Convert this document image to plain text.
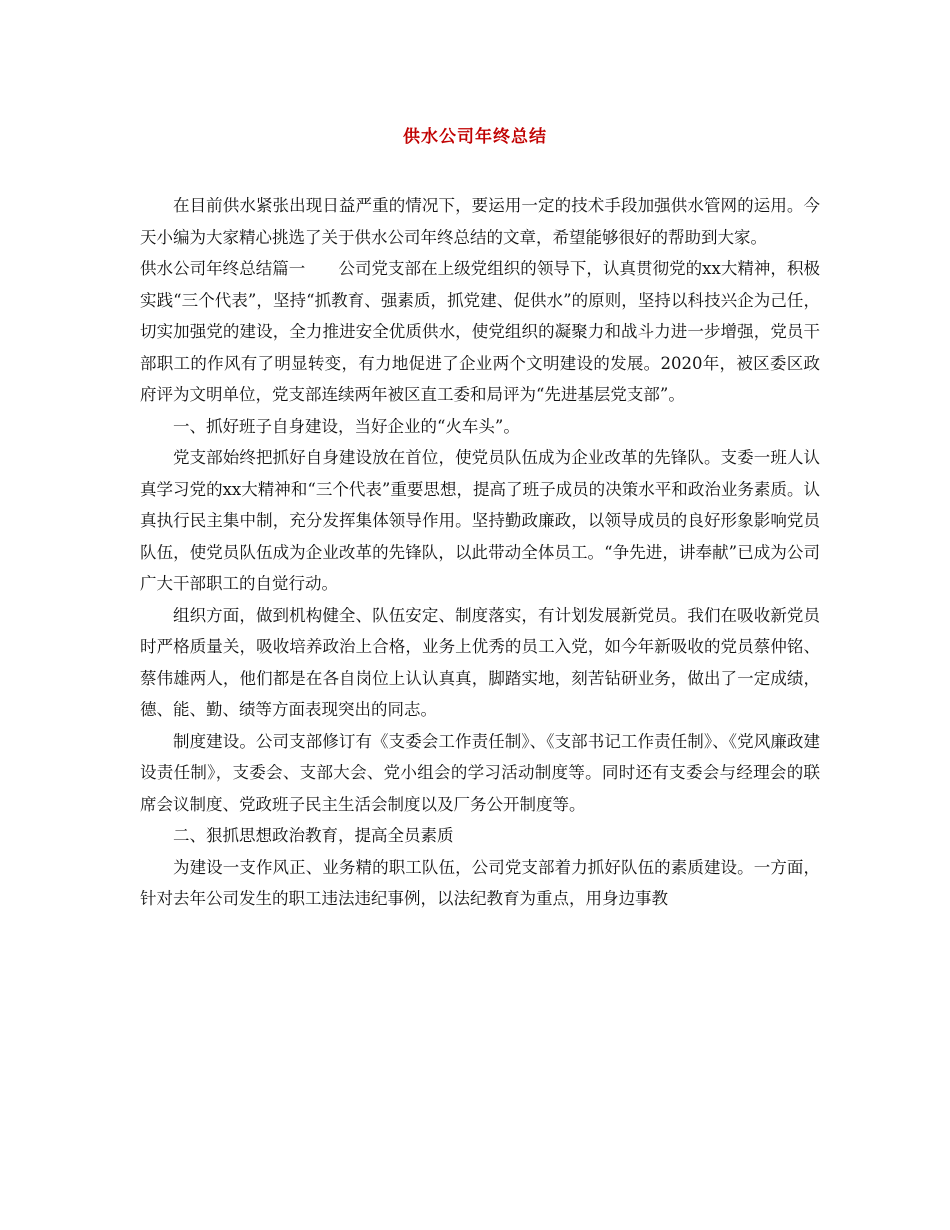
供水公司年终总结

在目前供水紧张出现日益严重的情况下，要运用一定的技术手段加强供水管网的运用。今天小编为大家精心挑选了关于供水公司年终总结的文章，希望能够很好的帮助到大家。

供水公司年终总结篇一　　公司党支部在上级党组织的领导下，认真贯彻党的xx大精神，积极实践“三个代表”，坚持“抓教育、强素质，抓党建、促供水”的原则，坚持以科技兴企为己任，切实加强党的建设，全力推进安全优质供水，使党组织的凝聚力和战斗力进一步增强，党员干部职工的作风有了明显转变，有力地促进了企业两个文明建设的发展。2020年，被区委区政府评为文明单位，党支部连续两年被区直工委和局评为“先进基层党支部”。

一、抓好班子自身建设，当好企业的“火车头”。

党支部始终把抓好自身建设放在首位，使党员队伍成为企业改革的先锋队。支委一班人认真学习党的xx大精神和“三个代表”重要思想，提高了班子成员的决策水平和政治业务素质。认真执行民主集中制，充分发挥集体领导作用。坚持勤政廉政，以领导成员的良好形象影响党员队伍，使党员队伍成为企业改革的先锋队，以此带动全体员工。“争先进，讲奉献”已成为公司广大干部职工的自觉行动。

组织方面，做到机构健全、队伍安定、制度落实，有计划发展新党员。我们在吸收新党员时严格质量关，吸收培养政治上合格，业务上优秀的员工入党，如今年新吸收的党员蔡仲铭、蔡伟雄两人，他们都是在各自岗位上认认真真，脚踏实地，刻苦钻研业务，做出了一定成绩，德、能、勤、绩等方面表现突出的同志。

制度建设。公司支部修订有《支委会工作责任制》、《支部书记工作责任制》、《党风廉政建设责任制》，支委会、支部大会、党小组会的学习活动制度等。同时还有支委会与经理会的联席会议制度、党政班子民主生活会制度以及厂务公开制度等。

二、狠抓思想政治教育，提高全员素质

为建设一支作风正、业务精的职工队伍，公司党支部着力抓好队伍的素质建设。一方面，针对去年公司发生的职工违法违纪事例，以法纪教育为重点，用身边事教
